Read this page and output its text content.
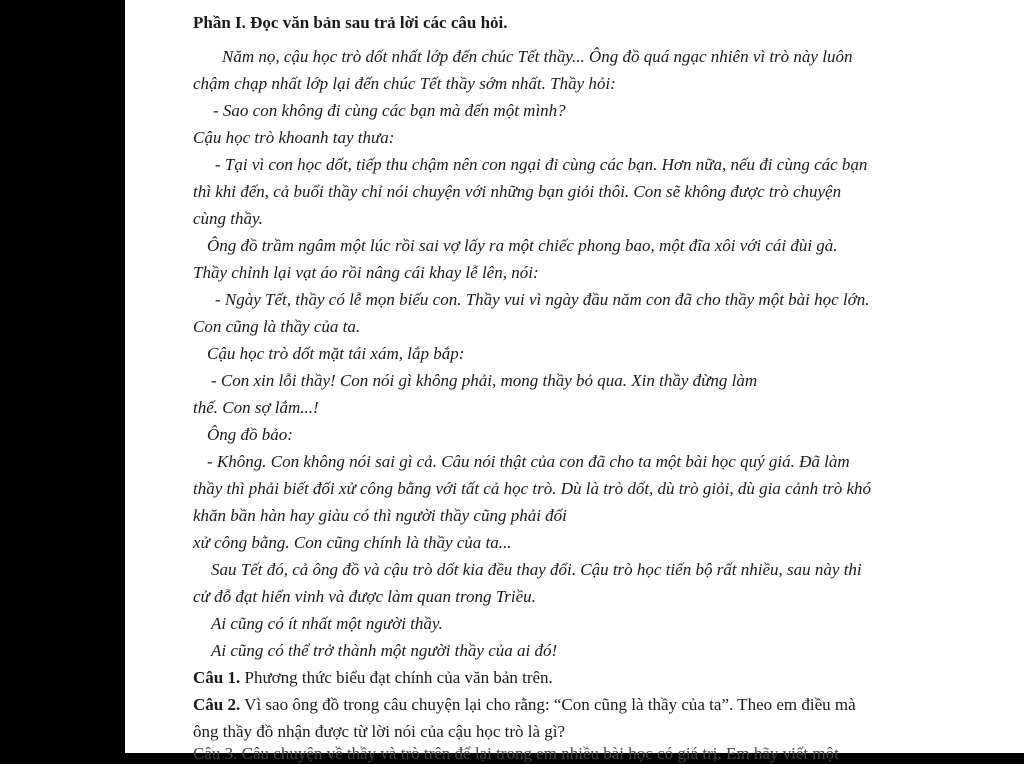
Phần I. Đọc văn bản sau trả lời các câu hỏi.
Năm nọ, cậu học trò dốt nhất lớp đến chúc Tết thầy... Ông đồ quá ngạc nhiên vì trò này luôn
chậm chạp nhất lớp lại đến chúc Tết thầy sớm nhất. Thầy hỏi:
- Sao con không đi cùng các bạn mà đến một mình?
Cậu học trò khoanh tay thưa:
- Tại vì con học dốt, tiếp thu chậm nên con ngại đi cùng các bạn. Hơn nữa, nếu đi cùng các bạn
thì khi đến, cả buổi thầy chỉ nói chuyện với những bạn giỏi thôi. Con sẽ không được trò chuyện
cùng thầy.
Ông đồ trầm ngâm một lúc rồi sai vợ lấy ra một chiếc phong bao, một đĩa xôi với cái đùi gà.
Thầy chỉnh lại vạt áo rồi nâng cái khay lễ lên, nói:
- Ngày Tết, thầy có lễ mọn biếu con. Thầy vui vì ngày đầu năm con đã cho thầy một bài học lớn.
Con cũng là thầy của ta.
Cậu học trò dốt mặt tái xám, lắp bắp:
- Con xin lỗi thầy! Con nói gì không phải, mong thầy bỏ qua. Xin thầy đừng làm
thế. Con sợ lắm...!
Ông đồ bảo:
- Không. Con không nói sai gì cả. Câu nói thật của con đã cho ta một bài học quý giá. Đã làm
thầy thì phải biết đối xử công bằng với tất cả học trò. Dù là trò dốt, dù trò giỏi, dù gia cảnh trò khó
khăn bần hàn hay giàu có thì người thầy cũng phải đối
xử công bằng. Con cũng chính là thầy của ta...
Sau Tết đó, cả ông đồ và cậu trò dốt kia đều thay đổi. Cậu trò học tiến bộ rất nhiều, sau này thi
cử đỗ đạt hiển vinh và được làm quan trong Triều.
Ai cũng có ít nhất một người thầy.
Ai cũng có thể trở thành một người thầy của ai đó!
Câu 1. Phương thức biểu đạt chính của văn bản trên.
Câu 2. Vì sao ông đồ trong câu chuyện lại cho rằng: “Con cũng là thầy của ta”. Theo em điều mà
ông thầy đồ nhận được từ lời nói của cậu học trò là gì?
Câu 3. Câu chuyện về thầy và trò trên để lại trong em nhiều bài học có giá trị. Em hãy viết một
